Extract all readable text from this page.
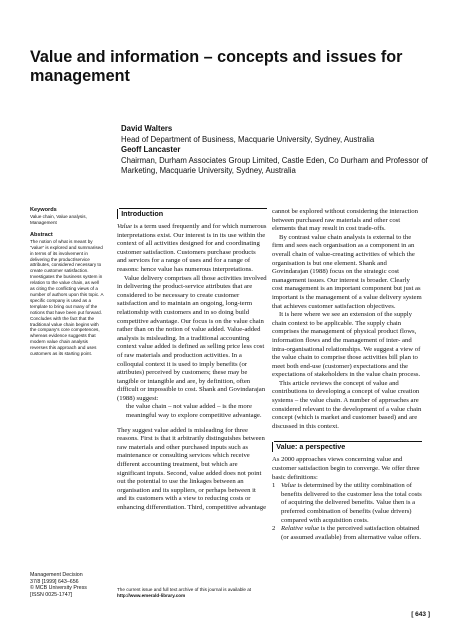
Value and information – concepts and issues for management
David Walters
Head of Department of Business, Macquarie University, Sydney, Australia
Geoff Lancaster
Chairman, Durham Associates Group Limited, Castle Eden, Co Durham and Professor of Marketing, Macquarie University, Sydney, Australia
Keywords
Value chain, Value analysis, Management
Abstract
The notion of what is meant by “value” is explored and summarised in terms of its involvement in delivering the product/service attributes, considered necessary to create customer satisfaction. Investigates the business system in relation to the value chain, as well as citing the conflicting views of a number of authors upon this topic. A specific company is used as a template to bring out many of the notions that have been put forward. Concludes with the fact that the traditional value chain begins with the company’s core competences, whereas evidence suggests that modern value chain analysis reverses this approach and uses customers as its starting point.
Management Decision
37/8 [1999] 643–656
© MCB University Press
[ISSN 0025-1747]
Introduction

Value is a term used frequently and for which numerous interpretations exist. Our interest is in its use within the context of all activities designed for and coordinating customer satisfaction. Customers purchase products and services for a range of uses and for a range of reasons: hence value has numerous interpretations.

Value delivery comprises all those activities involved in delivering the product-service attributes that are considered to be necessary to create customer satisfaction and to maintain an ongoing, long-term relationship with customers and in so doing build competitive advantage. Our focus is on the value chain rather than on the notion of value added. Value-added analysis is misleading. In a traditional accounting context value added is defined as selling price less cost of raw materials and production activities. In a colloquial context it is used to imply benefits (or attributes) perceived by customers; these may be tangible or intangible and are, by definition, often difficult or impossible to cost. Shank and Govindarajan (1988) suggest:

the value chain – not value added – is the more meaningful way to explore competitive advantage.

They suggest value added is misleading for three reasons. First is that it arbitrarily distinguishes between raw materials and other purchased inputs such as maintenance or consulting services which receive different accounting treatment, but which are significant inputs. Second, value added does not point out the potential to use the linkages between an organisation and its suppliers, or perhaps between it and its customers with a view to reducing costs or enhancing differentiation. Third, competitive advantage

cannot be explored without considering the interaction between purchased raw materials and other cost elements that may result in cost trade-offs.

By contrast value chain analysis is external to the firm and sees each organisation as a component in an overall chain of value-creating activities of which the organisation is but one element. Shank and Govindarajan (1988) focus on the strategic cost management issues. Our interest is broader. Clearly cost management is an important component but just as important is the management of a value delivery system that achieves customer satisfaction objectives.

It is here where we see an extension of the supply chain context to be applicable. The supply chain comprises the management of physical product flows, information flows and the management of inter- and intra-organisational relationships. We suggest a view of the value chain to comprise those activities bill plan to meet both end-use (customer) expectations and the expectations of stakeholders in the value chain process.

This article reviews the concept of value and contributions to developing a concept of value creation systems – the value chain. A number of approaches are considered relevant to the development of a value chain concept (which is market and customer based) and are discussed in this context.

Value: a perspective

As 2000 approaches views concerning value and customer satisfaction begin to converge. We offer three basic definitions:

1 Value is determined by the utility combination of benefits delivered to the customer less the total costs of acquiring the delivered benefits. Value then is a preferred combination of benefits (value drivers) compared with acquisition costs.
2 Relative value is the perceived satisfaction obtained (or assumed available) from alternative value offers.
The current issue and full text archive of this journal is available at
http://www.emerald-library.com
[ 643 ]
